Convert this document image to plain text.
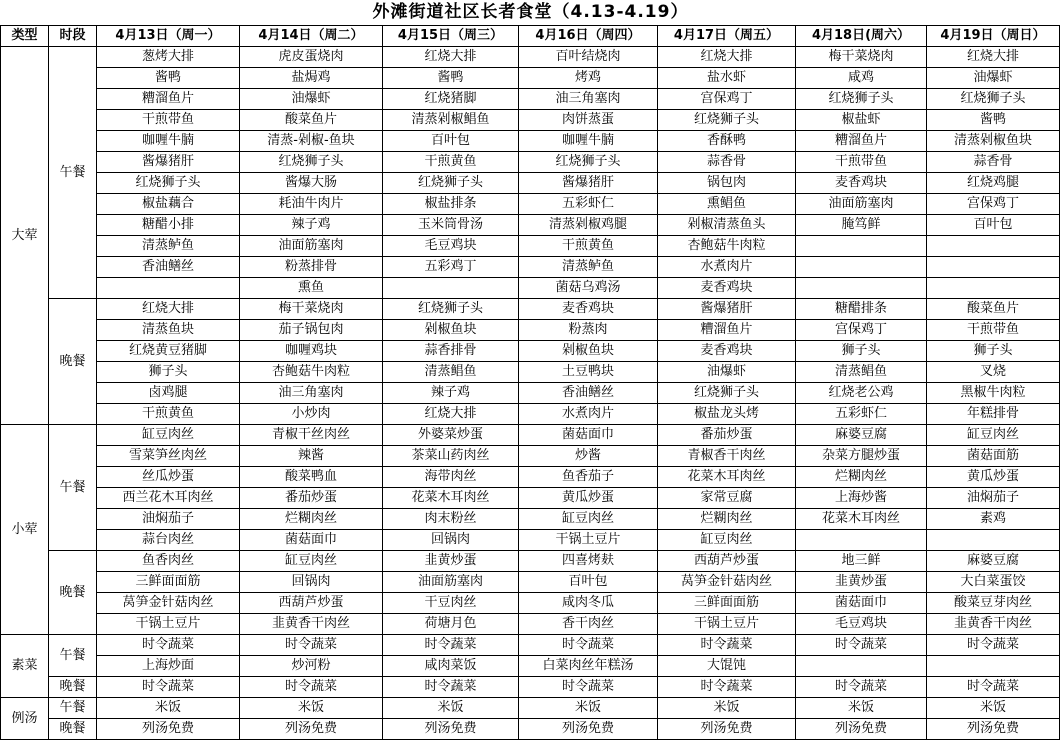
外滩街道社区长者食堂（4.13-4.19）
类型	时段	4月13日（周一）	4月14日（周二）	4月15日（周三）	4月16日（周四）	4月17日（周五）	4月18日(周六）	4月19日（周日）
大荤	午餐	葱烤大排	虎皮蛋烧肉	红烧大排	百叶结烧肉	红烧大排	梅干菜烧肉	红烧大排
		酱鸭	盐焗鸡	酱鸭	烤鸡	盐水虾	咸鸡	油爆虾
		糟溜鱼片	油爆虾	红烧猪脚	油三角塞肉	宫保鸡丁	红烧狮子头	红烧狮子头
		干煎带鱼	酸菜鱼片	清蒸剁椒鲳鱼	肉饼蒸蛋	红烧狮子头	椒盐虾	酱鸭
		咖喱牛腩	清蒸-剁椒-鱼块	百叶包	咖喱牛腩	香酥鸭	糟溜鱼片	清蒸剁椒鱼块
		酱爆猪肝	红烧狮子头	干煎黄鱼	红烧狮子头	蒜香骨	干煎带鱼	蒜香骨
		红烧狮子头	酱爆大肠	红烧狮子头	酱爆猪肝	锅包肉	麦香鸡块	红烧鸡腿
		椒盐藕合	耗油牛肉片	椒盐排条	五彩虾仁	熏鲳鱼	油面筋塞肉	宫保鸡丁
		糖醋小排	辣子鸡	玉米筒骨汤	清蒸剁椒鸡腿	剁椒清蒸鱼头	腌笃鲜	百叶包
		清蒸鲈鱼	油面筋塞肉	毛豆鸡块	干煎黄鱼	杏鲍菇牛肉粒		
		香油鳝丝	粉蒸排骨	五彩鸡丁	清蒸鲈鱼	水煮肉片		
			熏鱼		菌菇乌鸡汤	麦香鸡块		
	晚餐	红烧大排	梅干菜烧肉	红烧狮子头	麦香鸡块	酱爆猪肝	糖醋排条	酸菜鱼片
		清蒸鱼块	茄子锅包肉	剁椒鱼块	粉蒸肉	糟溜鱼片	宫保鸡丁	干煎带鱼
		红烧黄豆猪脚	咖喱鸡块	蒜香排骨	剁椒鱼块	麦香鸡块	狮子头	狮子头
		狮子头	杏鲍菇牛肉粒	清蒸鲳鱼	土豆鸭块	油爆虾	清蒸鲳鱼	叉烧
		卤鸡腿	油三角塞肉	辣子鸡	香油鳝丝	红烧狮子头	红烧老公鸡	黑椒牛肉粒
		干煎黄鱼	小炒肉	红烧大排	水煮肉片	椒盐龙头烤	五彩虾仁	年糕排骨
小荤	午餐	缸豆肉丝	青椒干丝肉丝	外婆菜炒蛋	菌菇面巾	番茄炒蛋	麻婆豆腐	缸豆肉丝
		雪菜笋丝肉丝	辣酱	茶菜山药肉丝	炒酱	青椒香干肉丝	杂菜方腿炒蛋	菌菇面筋
		丝瓜炒蛋	酸菜鸭血	海带肉丝	鱼香茄子	花菜木耳肉丝	烂糊肉丝	黄瓜炒蛋
		西兰花木耳肉丝	番茄炒蛋	花菜木耳肉丝	黄瓜炒蛋	家常豆腐	上海炒酱	油焖茄子
		油焖茄子	烂糊肉丝	肉末粉丝	缸豆肉丝	烂糊肉丝	花菜木耳肉丝	素鸡
		蒜台肉丝	菌菇面巾	回锅肉	干锅土豆片	缸豆肉丝		
	晚餐	鱼香肉丝	缸豆肉丝	韭黄炒蛋	四喜烤麸	西葫芦炒蛋	地三鲜	麻婆豆腐
		三鲜面面筋	回锅肉	油面筋塞肉	百叶包	莴笋金针菇肉丝	韭黄炒蛋	大白菜蛋饺
		莴笋金针菇肉丝	西葫芦炒蛋	干豆肉丝	咸肉冬瓜	三鲜面面筋	菌菇面巾	酸菜豆芽肉丝
		干锅土豆片	韭黄香干肉丝	荷塘月色	香干肉丝	干锅土豆片	毛豆鸡块	韭黄香干肉丝
素菜	午餐	时令蔬菜	时令蔬菜	时令蔬菜	时令蔬菜	时令蔬菜	时令蔬菜	时令蔬菜
		上海炒面	炒河粉	咸肉菜饭	白菜肉丝年糕汤	大馄饨		
	晚餐	时令蔬菜	时令蔬菜	时令蔬菜	时令蔬菜	时令蔬菜	时令蔬菜	时令蔬菜
例汤	午餐	米饭	米饭	米饭	米饭	米饭	米饭	米饭
	晚餐	列汤免费	列汤免费	列汤免费	列汤免费	列汤免费	列汤免费	列汤免费
